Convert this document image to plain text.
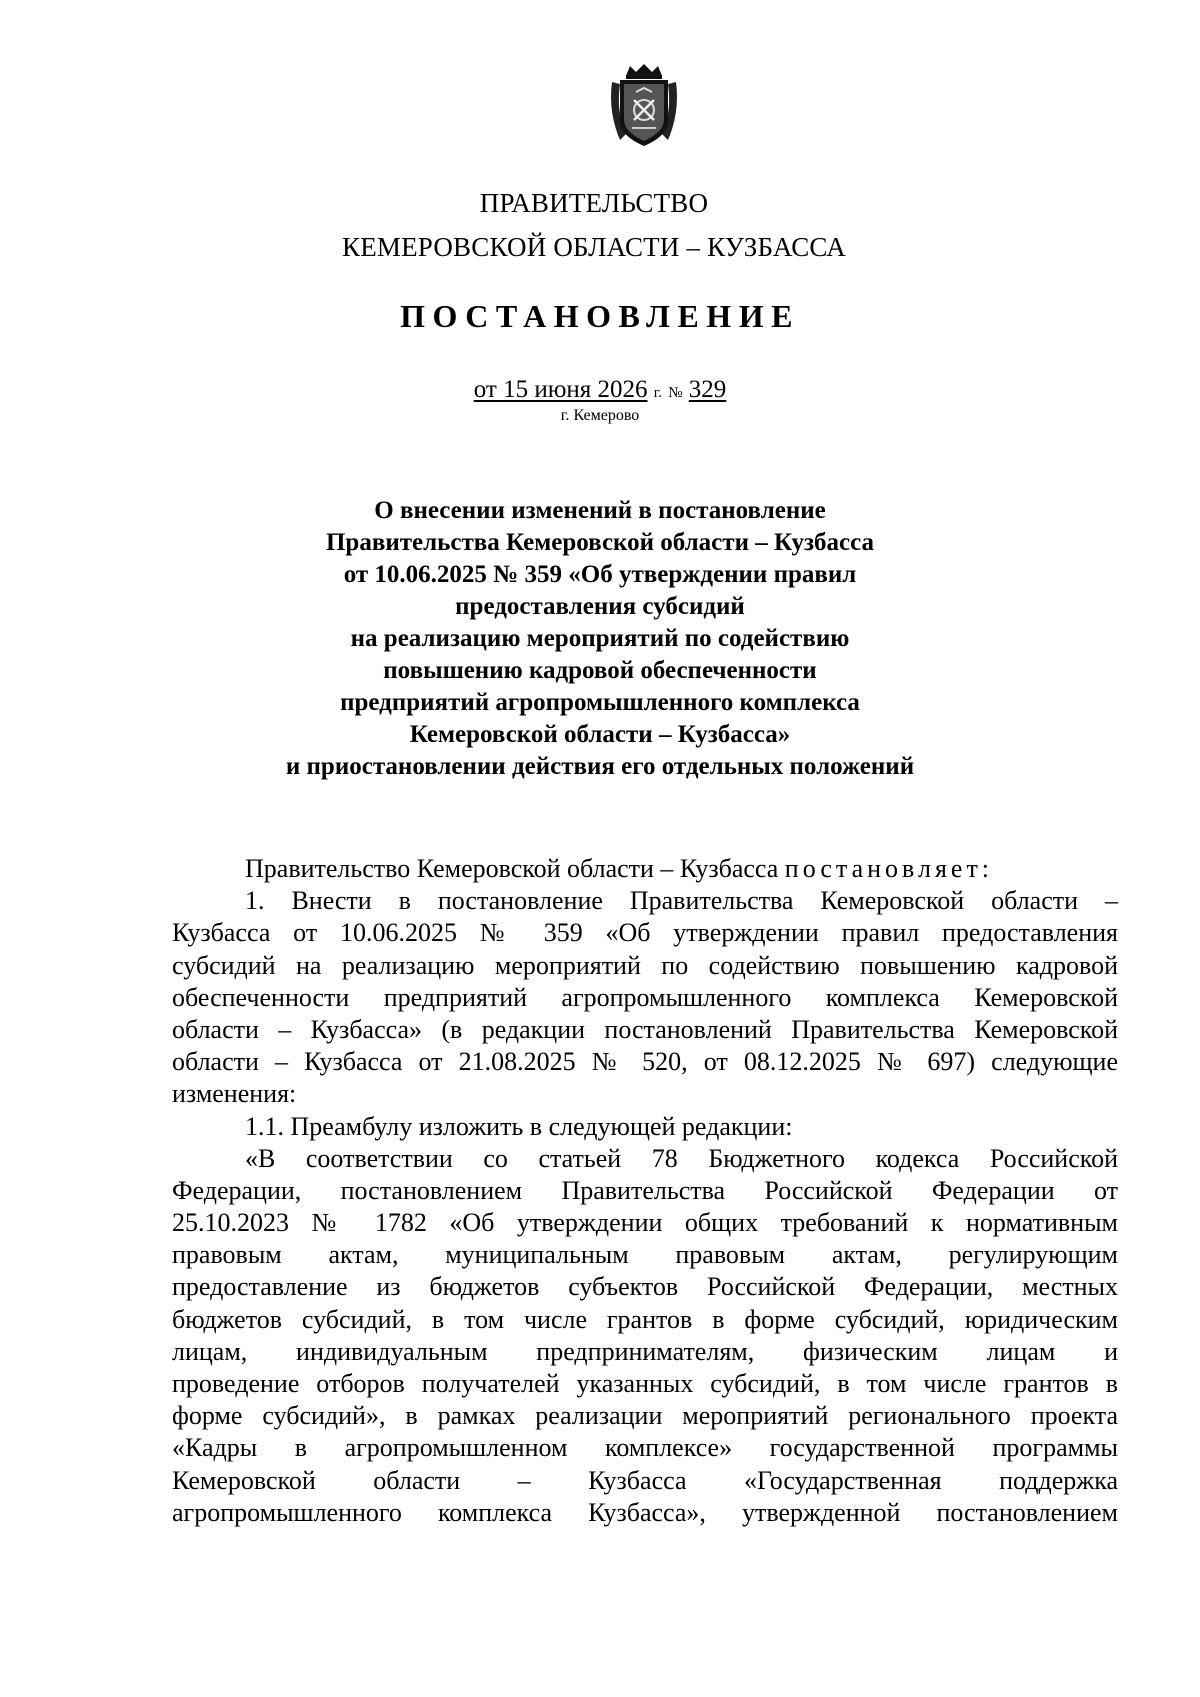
ПРАВИТЕЛЬСТВО
КЕМЕРОВСКОЙ ОБЛАСТИ – КУЗБАССА
ПОСТАНОВЛЕНИЕ
от 15 июня 2026 г. № 329
г. Кемерово
О внесении изменений в постановление
Правительства Кемеровской области – Кузбасса
от 10.06.2025 № 359 «Об утверждении правил
предоставления субсидий
на реализацию мероприятий по содействию
повышению кадровой обеспеченности
предприятий агропромышленного комплекса
Кемеровской области – Кузбасса»
и приостановлении действия его отдельных положений
Правительство Кемеровской области – Кузбасса постановляет:
1. Внести в постановление Правительства Кемеровской области –
Кузбасса от 10.06.2025 № 359 «Об утверждении правил предоставления
субсидий на реализацию мероприятий по содействию повышению кадровой
обеспеченности предприятий агропромышленного комплекса Кемеровской
области – Кузбасса» (в редакции постановлений Правительства Кемеровской
области – Кузбасса от 21.08.2025 № 520, от 08.12.2025 № 697) следующие
изменения:
1.1. Преамбулу изложить в следующей редакции:
«В соответствии со статьей 78 Бюджетного кодекса Российской
Федерации, постановлением Правительства Российской Федерации от
25.10.2023 № 1782 «Об утверждении общих требований к нормативным
правовым актам, муниципальным правовым актам, регулирующим
предоставление из бюджетов субъектов Российской Федерации, местных
бюджетов субсидий, в том числе грантов в форме субсидий, юридическим
лицам, индивидуальным предпринимателям, физическим лицам и
проведение отборов получателей указанных субсидий, в том числе грантов в
форме субсидий», в рамках реализации мероприятий регионального проекта
«Кадры в агропромышленном комплексе» государственной программы
Кемеровской области – Кузбасса «Государственная поддержка
агропромышленного комплекса Кузбасса», утвержденной постановлением
